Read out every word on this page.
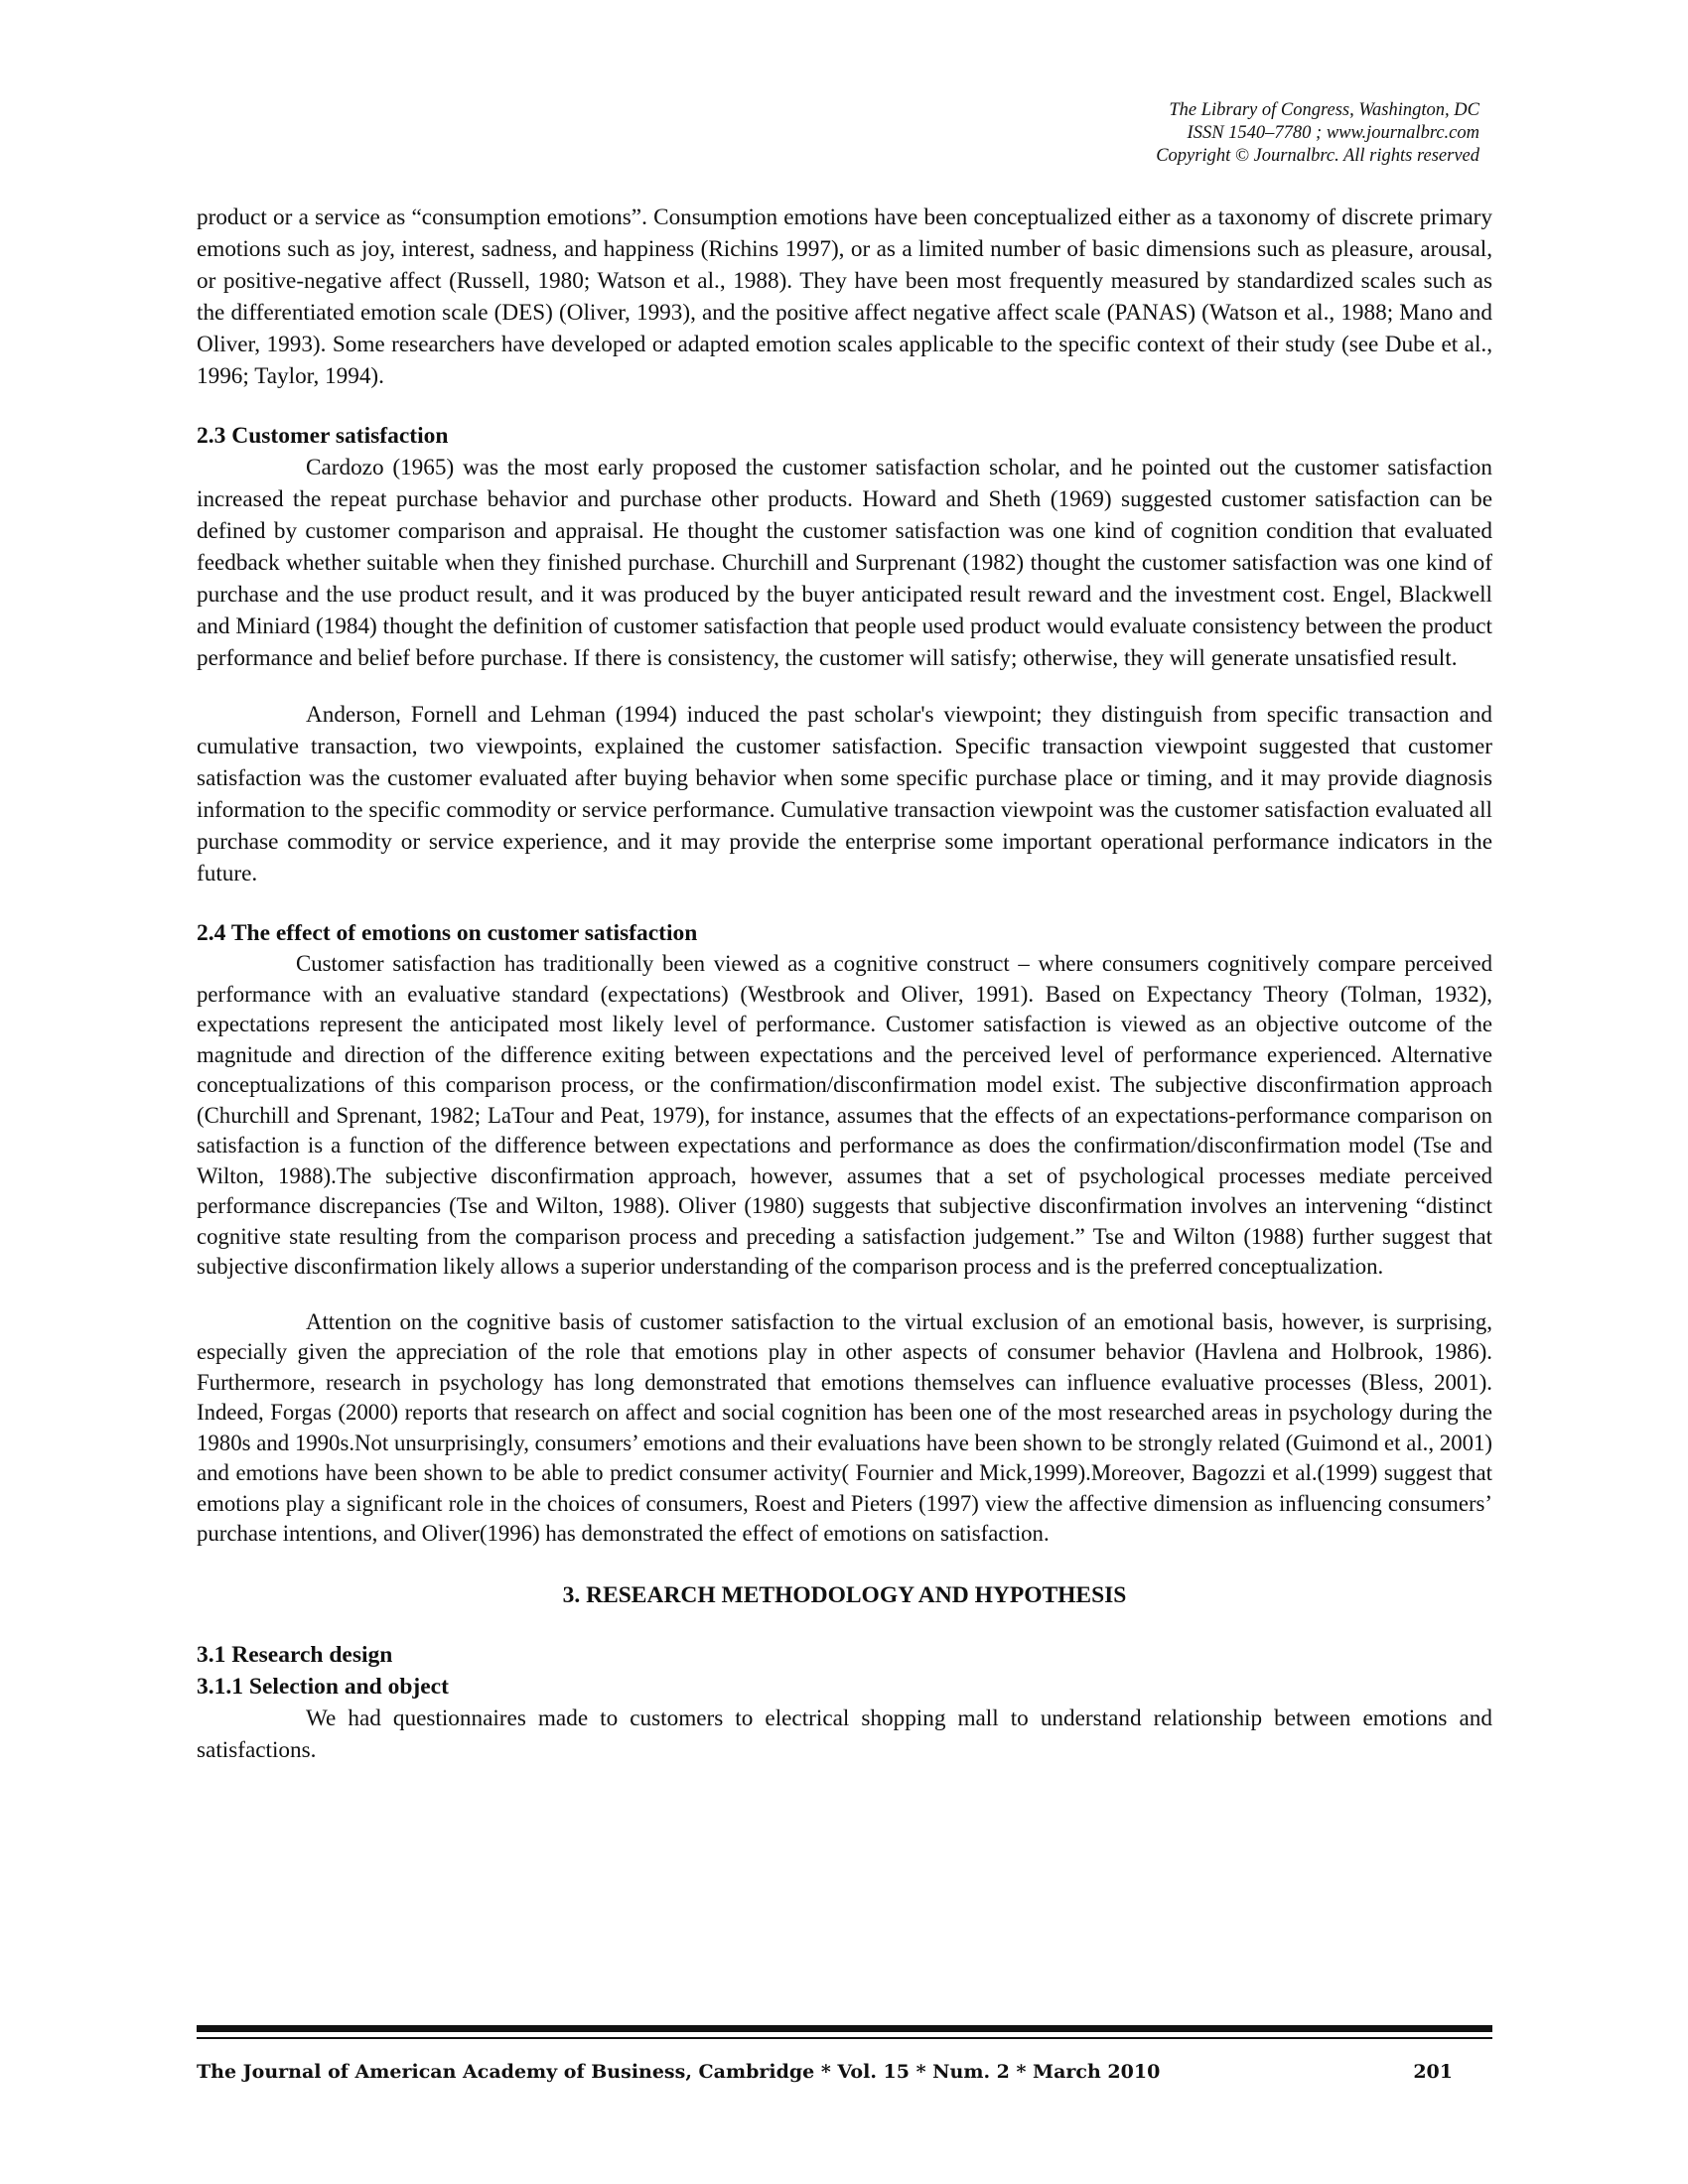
The Library of Congress, Washington, DC
ISSN 1540–7780 ; www.journalbrc.com
Copyright © Journalbrc. All rights reserved

product or a service as “consumption emotions”. Consumption emotions have been conceptualized either as a taxonomy of discrete primary emotions such as joy, interest, sadness, and happiness (Richins 1997), or as a limited number of basic dimensions such as pleasure, arousal, or positive-negative affect (Russell, 1980; Watson et al., 1988). They have been most frequently measured by standardized scales such as the differentiated emotion scale (DES) (Oliver, 1993), and the positive affect negative affect scale (PANAS) (Watson et al., 1988; Mano and Oliver, 1993). Some researchers have developed or adapted emotion scales applicable to the specific context of their study (see Dube et al., 1996; Taylor, 1994).

2.3 Customer satisfaction

Cardozo (1965) was the most early proposed the customer satisfaction scholar, and he pointed out the customer satisfaction increased the repeat purchase behavior and purchase other products. Howard and Sheth (1969) suggested customer satisfaction can be defined by customer comparison and appraisal. He thought the customer satisfaction was one kind of cognition condition that evaluated feedback whether suitable when they finished purchase. Churchill and Surprenant (1982) thought the customer satisfaction was one kind of purchase and the use product result, and it was produced by the buyer anticipated result reward and the investment cost. Engel, Blackwell and Miniard (1984) thought the definition of customer satisfaction that people used product would evaluate consistency between the product performance and belief before purchase. If there is consistency, the customer will satisfy; otherwise, they will generate unsatisfied result.

Anderson, Fornell and Lehman (1994) induced the past scholar's viewpoint; they distinguish from specific transaction and cumulative transaction, two viewpoints, explained the customer satisfaction. Specific transaction viewpoint suggested that customer satisfaction was the customer evaluated after buying behavior when some specific purchase place or timing, and it may provide diagnosis information to the specific commodity or service performance. Cumulative transaction viewpoint was the customer satisfaction evaluated all purchase commodity or service experience, and it may provide the enterprise some important operational performance indicators in the future.

2.4 The effect of emotions on customer satisfaction

Customer satisfaction has traditionally been viewed as a cognitive construct – where consumers cognitively compare perceived performance with an evaluative standard (expectations) (Westbrook and Oliver, 1991). Based on Expectancy Theory (Tolman, 1932), expectations represent the anticipated most likely level of performance. Customer satisfaction is viewed as an objective outcome of the magnitude and direction of the difference exiting between expectations and the perceived level of performance experienced. Alternative conceptualizations of this comparison process, or the confirmation/disconfirmation model exist. The subjective disconfirmation approach (Churchill and Sprenant, 1982; LaTour and Peat, 1979), for instance, assumes that the effects of an expectations-performance comparison on satisfaction is a function of the difference between expectations and performance as does the confirmation/disconfirmation model (Tse and Wilton, 1988).The subjective disconfirmation approach, however, assumes that a set of psychological processes mediate perceived performance discrepancies (Tse and Wilton, 1988). Oliver (1980) suggests that subjective disconfirmation involves an intervening “distinct cognitive state resulting from the comparison process and preceding a satisfaction judgement.” Tse and Wilton (1988) further suggest that subjective disconfirmation likely allows a superior understanding of the comparison process and is the preferred conceptualization.

Attention on the cognitive basis of customer satisfaction to the virtual exclusion of an emotional basis, however, is surprising, especially given the appreciation of the role that emotions play in other aspects of consumer behavior (Havlena and Holbrook, 1986). Furthermore, research in psychology has long demonstrated that emotions themselves can influence evaluative processes (Bless, 2001). Indeed, Forgas (2000) reports that research on affect and social cognition has been one of the most researched areas in psychology during the 1980s and 1990s.Not unsurprisingly, consumers’ emotions and their evaluations have been shown to be strongly related (Guimond et al., 2001) and emotions have been shown to be able to predict consumer activity( Fournier and Mick,1999).Moreover, Bagozzi et al.(1999) suggest that emotions play a significant role in the choices of consumers, Roest and Pieters (1997) view the affective dimension as influencing consumers’ purchase intentions, and Oliver(1996) has demonstrated the effect of emotions on satisfaction.

3. RESEARCH METHODOLOGY AND HYPOTHESIS
3.1 Research design
3.1.1 Selection and object

We had questionnaires made to customers to electrical shopping mall to understand relationship between emotions and satisfactions.

The Journal of American Academy of Business, Cambridge * Vol. 15 * Num. 2 * March 2010	201
